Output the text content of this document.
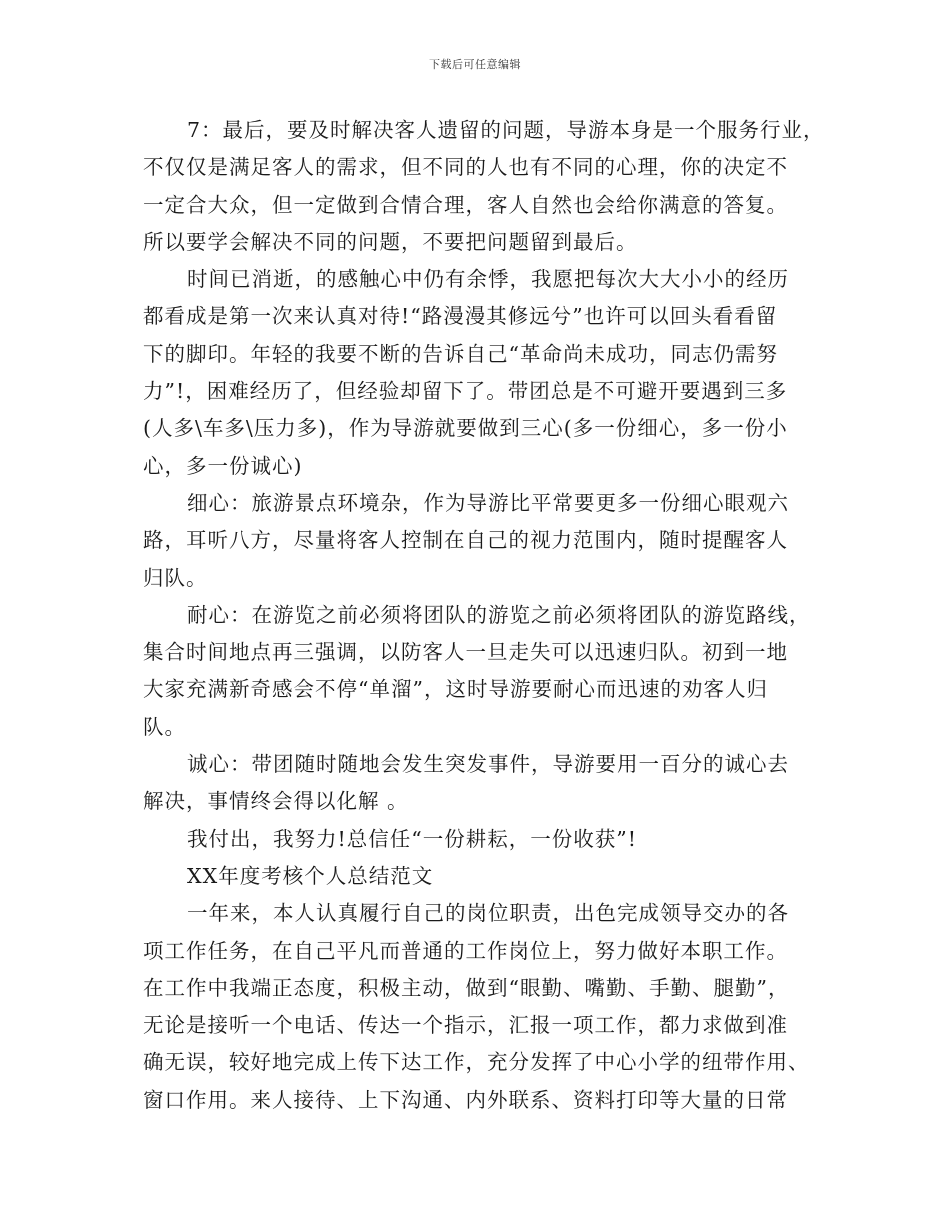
下载后可任意编辑
7：最后，要及时解决客人遗留的问题，导游本身是一个服务行业，
不仅仅是满足客人的需求，但不同的人也有不同的心理，你的决定不
一定合大众，但一定做到合情合理，客人自然也会给你满意的答复。
所以要学会解决不同的问题，不要把问题留到最后。
时间已消逝，的感触心中仍有余悸，我愿把每次大大小小的经历
都看成是第一次来认真对待!“路漫漫其修远兮”也许可以回头看看留
下的脚印。年轻的我要不断的告诉自己“革命尚未成功，同志仍需努
力”!，困难经历了，但经验却留下了。带团总是不可避开要遇到三多
(人多\车多\压力多)，作为导游就要做到三心(多一份细心，多一份小
心，多一份诚心)
细心：旅游景点环境杂，作为导游比平常要更多一份细心眼观六
路，耳听八方，尽量将客人控制在自己的视力范围内，随时提醒客人
归队。
耐心：在游览之前必须将团队的游览之前必须将团队的游览路线，
集合时间地点再三强调，以防客人一旦走失可以迅速归队。初到一地
大家充满新奇感会不停“单溜”，这时导游要耐心而迅速的劝客人归
队。
诚心：带团随时随地会发生突发事件，导游要用一百分的诚心去
解决，事情终会得以化解 。
我付出，我努力!总信任“一份耕耘，一份收获”!
XX年度考核个人总结范文
一年来，本人认真履行自己的岗位职责，出色完成领导交办的各
项工作任务，在自己平凡而普通的工作岗位上，努力做好本职工作。
在工作中我端正态度，积极主动，做到“眼勤、嘴勤、手勤、腿勤”，
无论是接听一个电话、传达一个指示，汇报一项工作，都力求做到准
确无误，较好地完成上传下达工作，充分发挥了中心小学的纽带作用、
窗口作用。来人接待、上下沟通、内外联系、资料打印等大量的日常
